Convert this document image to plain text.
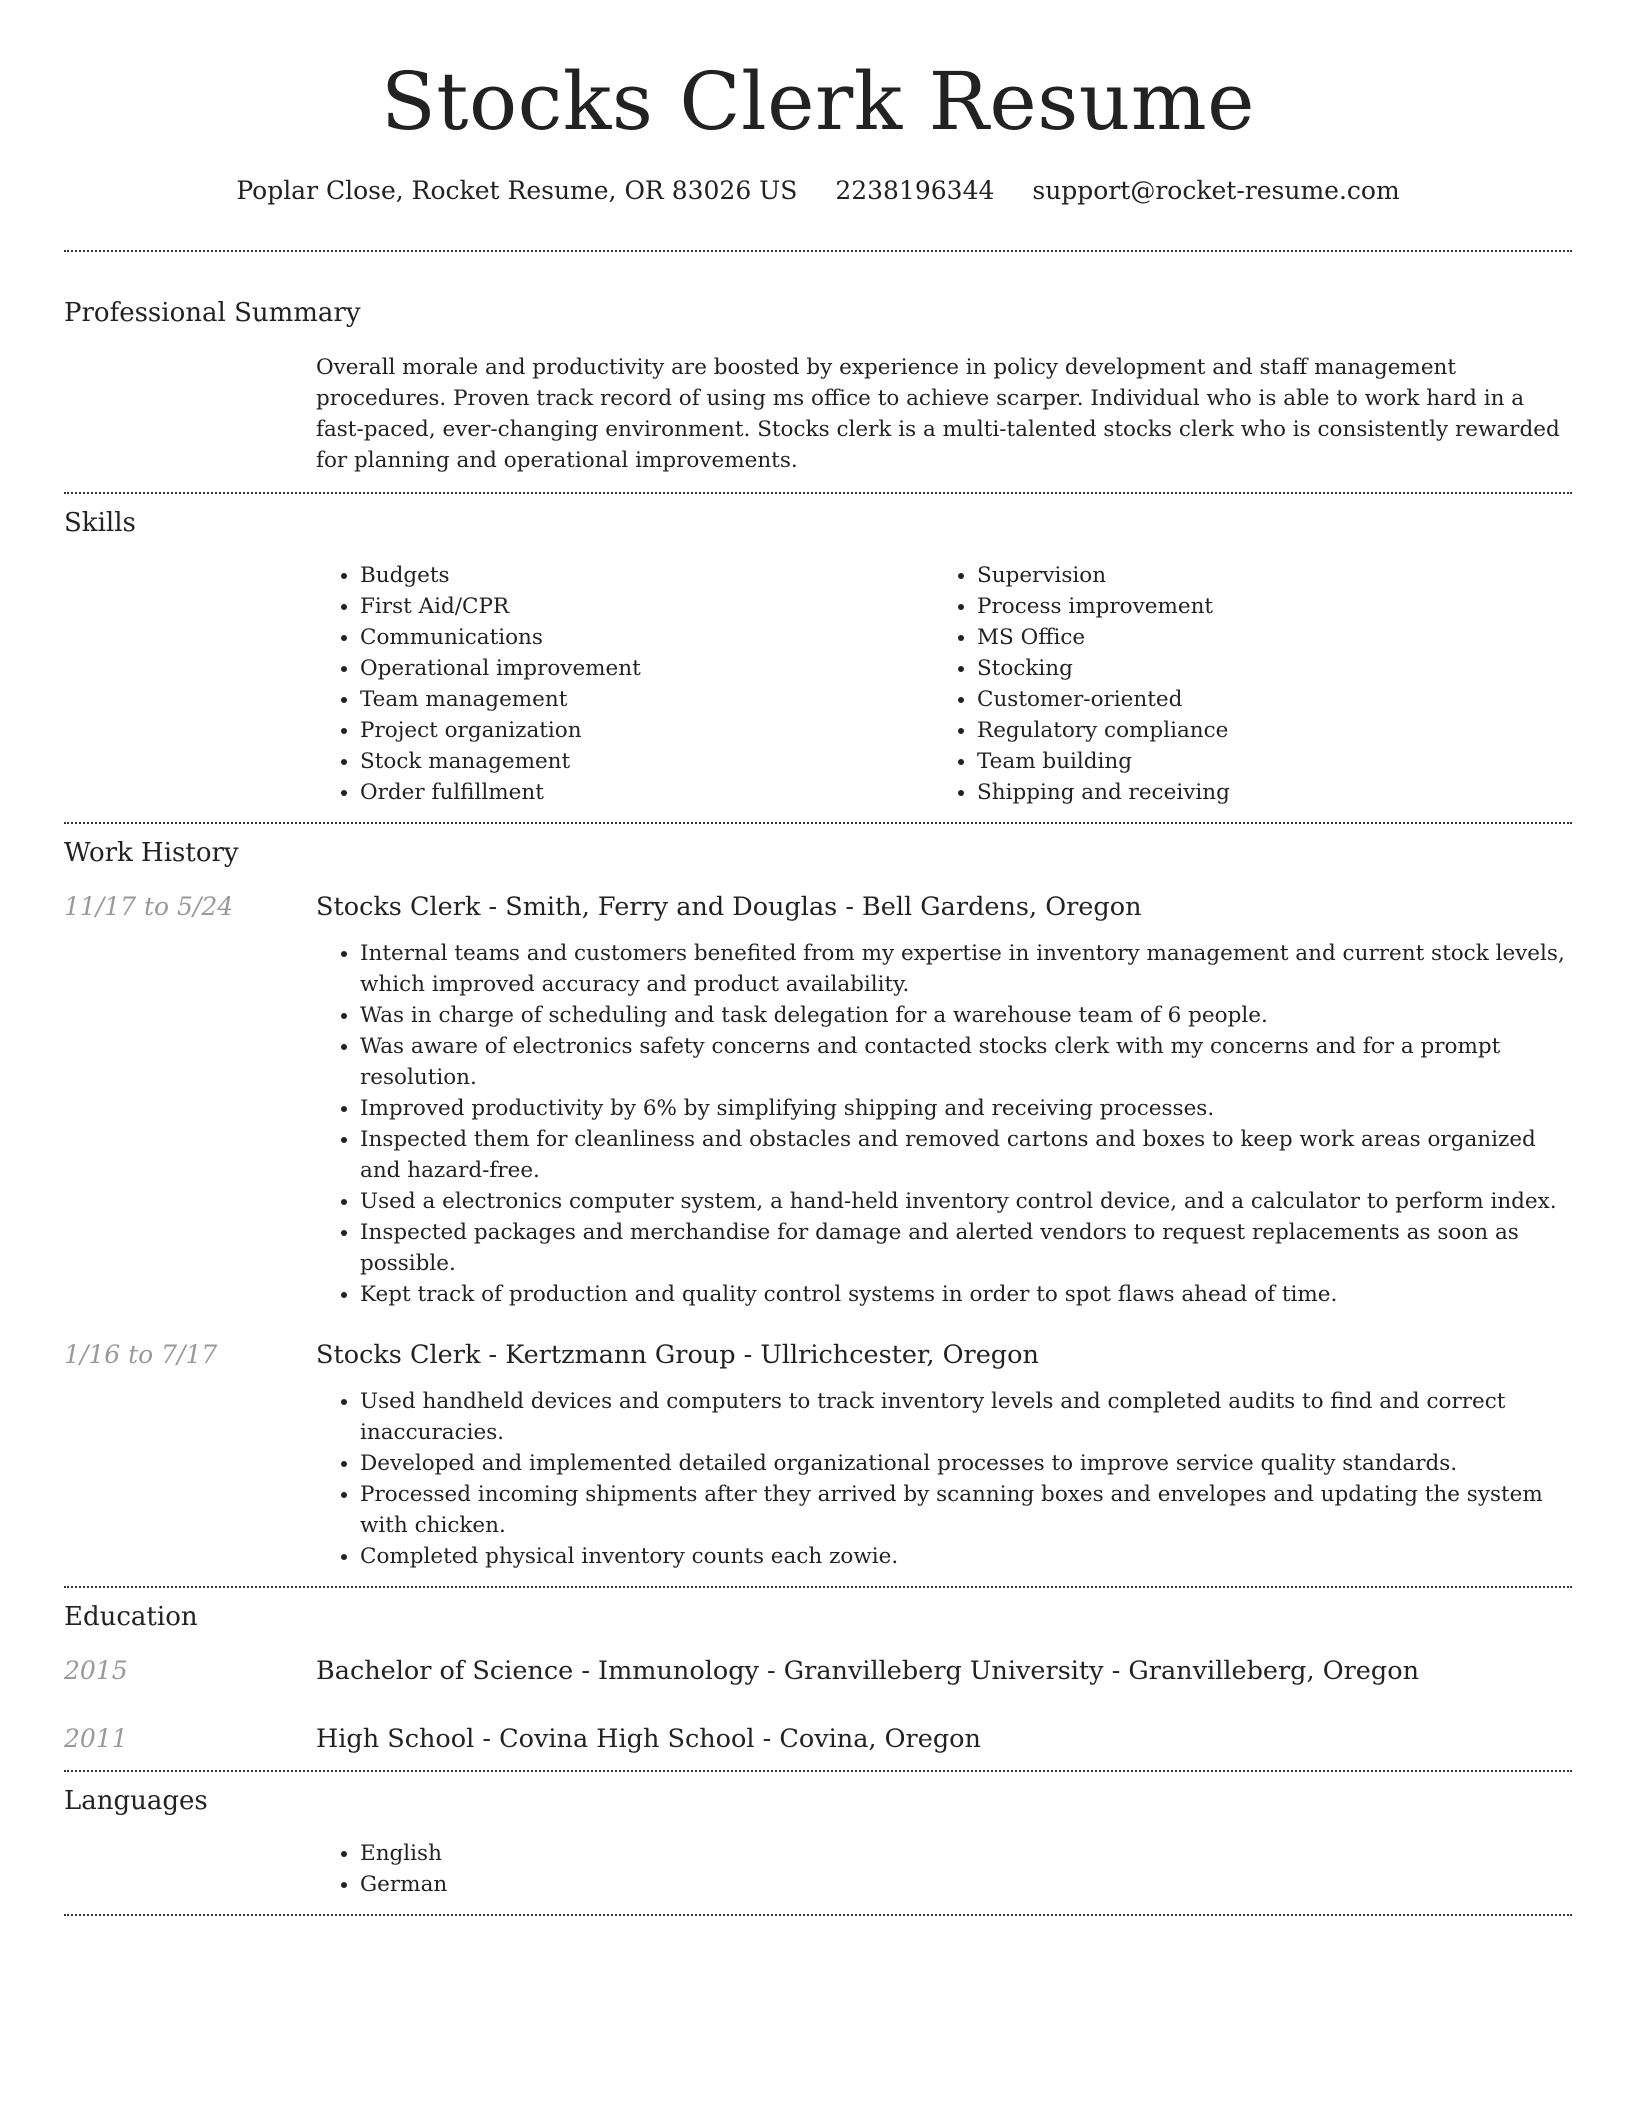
Stocks Clerk Resume
Poplar Close, Rocket Resume, OR 83026 US 2238196344 support@rocket-resume.com
Professional Summary
Overall morale and productivity are boosted by experience in policy development and staff management procedures. Proven track record of using ms office to achieve scarper. Individual who is able to work hard in a fast-paced, ever-changing environment. Stocks clerk is a multi-talented stocks clerk who is consistently rewarded for planning and operational improvements.
Skills
• Budgets
• First Aid/CPR
• Communications
• Operational improvement
• Team management
• Project organization
• Stock management
• Order fulfillment
• Supervision
• Process improvement
• MS Office
• Stocking
• Customer-oriented
• Regulatory compliance
• Team building
• Shipping and receiving
Work History
11/17 to 5/24	Stocks Clerk - Smith, Ferry and Douglas - Bell Gardens, Oregon
• Internal teams and customers benefited from my expertise in inventory management and current stock levels, which improved accuracy and product availability.
• Was in charge of scheduling and task delegation for a warehouse team of 6 people.
• Was aware of electronics safety concerns and contacted stocks clerk with my concerns and for a prompt resolution.
• Improved productivity by 6% by simplifying shipping and receiving processes.
• Inspected them for cleanliness and obstacles and removed cartons and boxes to keep work areas organized and hazard-free.
• Used a electronics computer system, a hand-held inventory control device, and a calculator to perform index.
• Inspected packages and merchandise for damage and alerted vendors to request replacements as soon as possible.
• Kept track of production and quality control systems in order to spot flaws ahead of time.
1/16 to 7/17	Stocks Clerk - Kertzmann Group - Ullrichcester, Oregon
• Used handheld devices and computers to track inventory levels and completed audits to find and correct inaccuracies.
• Developed and implemented detailed organizational processes to improve service quality standards.
• Processed incoming shipments after they arrived by scanning boxes and envelopes and updating the system with chicken.
• Completed physical inventory counts each zowie.
Education
2015	Bachelor of Science - Immunology - Granvilleberg University - Granvilleberg, Oregon
2011	High School - Covina High School - Covina, Oregon
Languages
• English
• German
